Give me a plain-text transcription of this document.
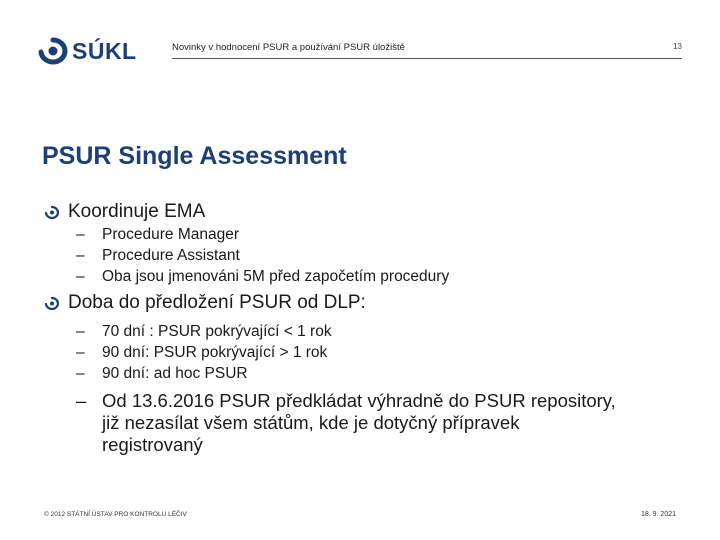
SÚKL	Novinky v hodnocení PSUR a používání PSUR úložiště	13
PSUR Single Assessment

Koordinuje EMA

–	Procedure Manager
–	Procedure Assistant
–	Oba jsou jmenováni 5M před započetím procedury

Doba do předložení PSUR od DLP:

–	70 dní : PSUR pokrývající < 1 rok
–	90 dní: PSUR pokrývající > 1 rok
–	90 dní: ad hoc PSUR
– Od 13.6.2016 PSUR předkládat výhradně do PSUR repository, již nezasílat všem státům, kde je dotyčný přípravek registrovaný
© 2012 STÁTNÍ ÚSTAV PRO KONTROLU LÉČIV	18. 9. 2021
